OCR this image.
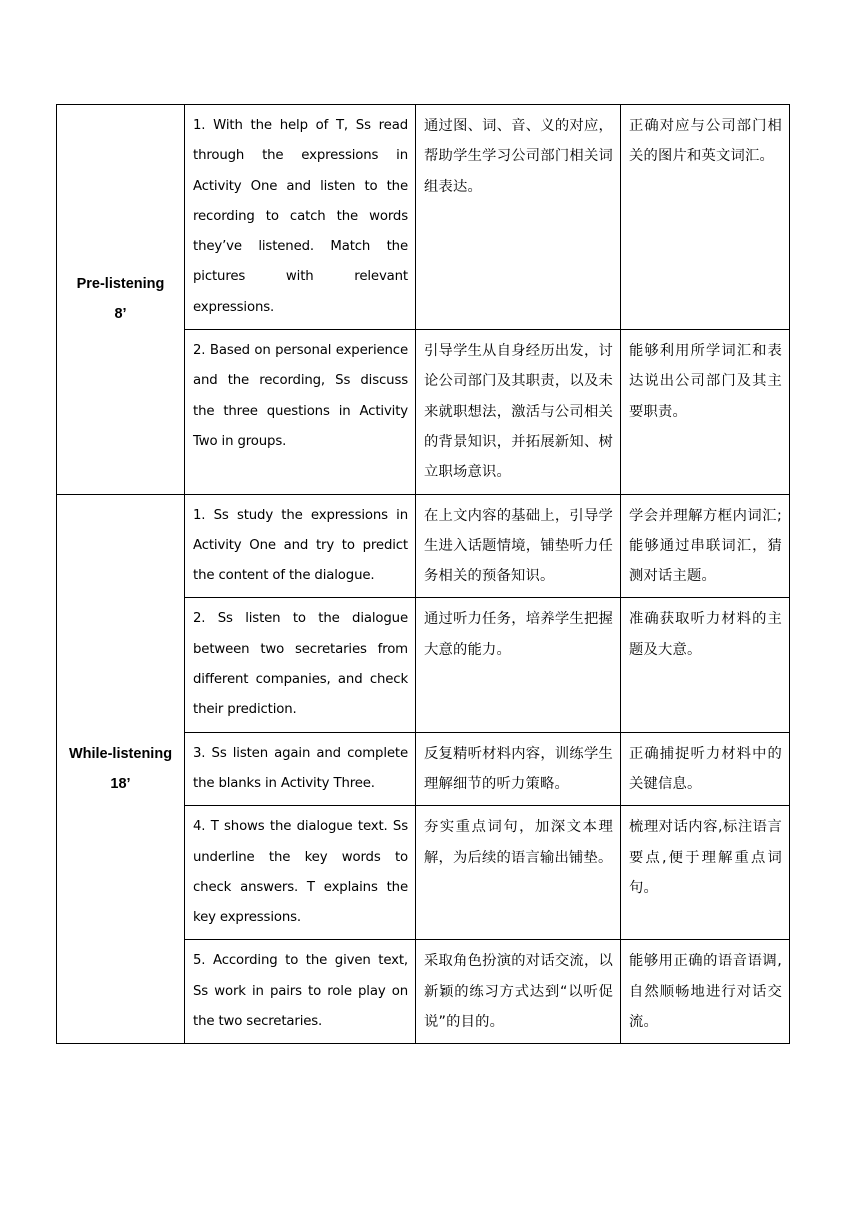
Pre-listening
8’	1. With the help of T, Ss read through the expressions in Activity One and listen to the recording to catch the words they’ve listened. Match the pictures with relevant expressions.	通过图、词、音、义的对应，帮助学生学习公司部门相关词组表达。	正确对应与公司部门相关的图片和英文词汇。
	2. Based on personal experience and the recording, Ss discuss the three questions in Activity Two in groups.	引导学生从自身经历出发，讨论公司部门及其职责，以及未来就职想法，激活与公司相关的背景知识，并拓展新知、树立职场意识。	能够利用所学词汇和表达说出公司部门及其主要职责。

While-listening
18’	1. Ss study the expressions in Activity One and try to predict the content of the dialogue.	在上文内容的基础上，引导学生进入话题情境，铺垫听力任务相关的预备知识。	学会并理解方框内词汇;能够通过串联词汇，猜测对话主题。
	2. Ss listen to the dialogue between two secretaries from different companies, and check their prediction.	通过听力任务，培养学生把握大意的能力。	准确获取听力材料的主题及大意。
	3. Ss listen again and complete the blanks in Activity Three.	反复精听材料内容，训练学生理解细节的听力策略。	正确捕捉听力材料中的关键信息。
	4. T shows the dialogue text. Ss underline the key words to check answers. T explains the key expressions.	夯实重点词句，加深文本理解，为后续的语言输出铺垫。	梳理对话内容,标注语言要点,便于理解重点词句。
	5. According to the given text, Ss work in pairs to role play on the two secretaries.	采取角色扮演的对话交流，以新颖的练习方式达到“以听促说”的目的。	能够用正确的语音语调,自然顺畅地进行对话交流。
